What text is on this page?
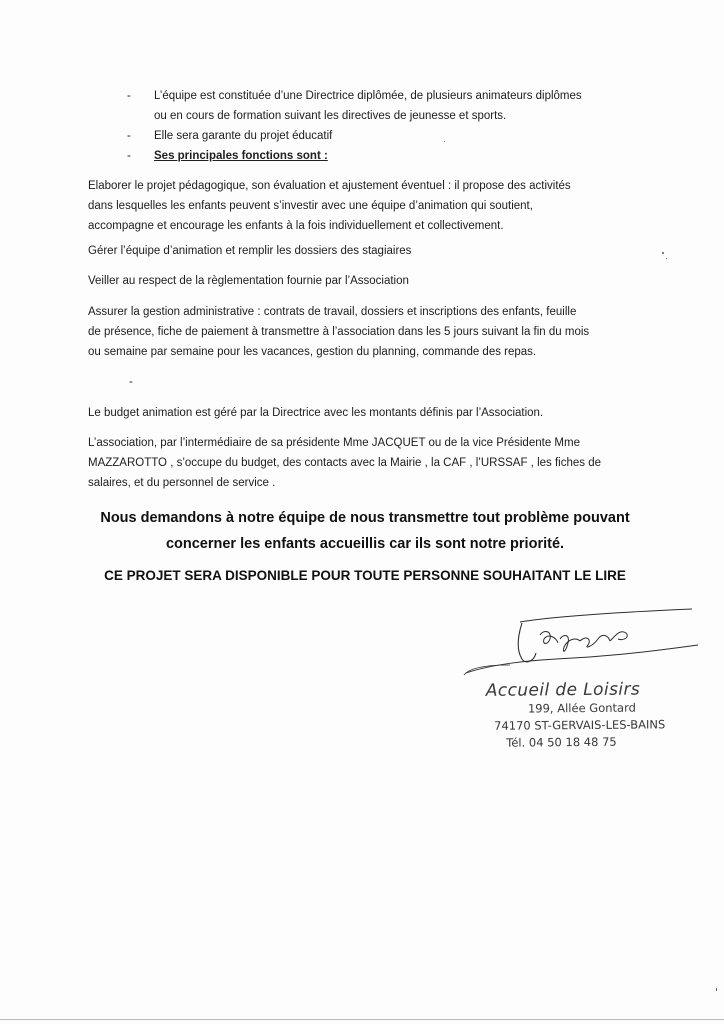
- L’équipe est constituée d’une Directrice diplômée, de plusieurs animateurs diplômes
ou en cours de formation suivant les directives de jeunesse et sports.
- Elle sera garante du projet éducatif
- Ses principales fonctions sont :
Elaborer le projet pédagogique, son évaluation et ajustement éventuel : il propose des activités
dans lesquelles les enfants peuvent s’investir avec une équipe d’animation qui soutient,
accompagne et encourage les enfants à la fois individuellement et collectivement.

Gérer l’équipe d’animation et remplir les dossiers des stagiaires

Veiller au respect de la règlementation fournie par l’Association

Assurer la gestion administrative : contrats de travail, dossiers et inscriptions des enfants, feuille
de présence, fiche de paiement à transmettre à l’association dans les 5 jours suivant la fin du mois
ou semaine par semaine pour les vacances, gestion du planning, commande des repas.
-

Le budget animation est géré par la Directrice avec les montants définis par l’Association.

L’association, par l’intermédiaire de sa présidente Mme JACQUET ou de la vice Présidente Mme
MAZZAROTTO , s’occupe du budget, des contacts avec la Mairie , la CAF , l’URSSAF , les fiches de
salaires, et du personnel de service .
Nous demandons à notre équipe de nous transmettre tout problème pouvant
concerner les enfants accueillis car ils sont notre priorité.

CE PROJET SERA DISPONIBLE POUR TOUTE PERSONNE SOUHAITANT LE LIRE

Accueil de Loisirs

199, Allée Gontard

74170 ST-GERVAIS-LES-BAINS

Tél. 04 50 18 48 75
